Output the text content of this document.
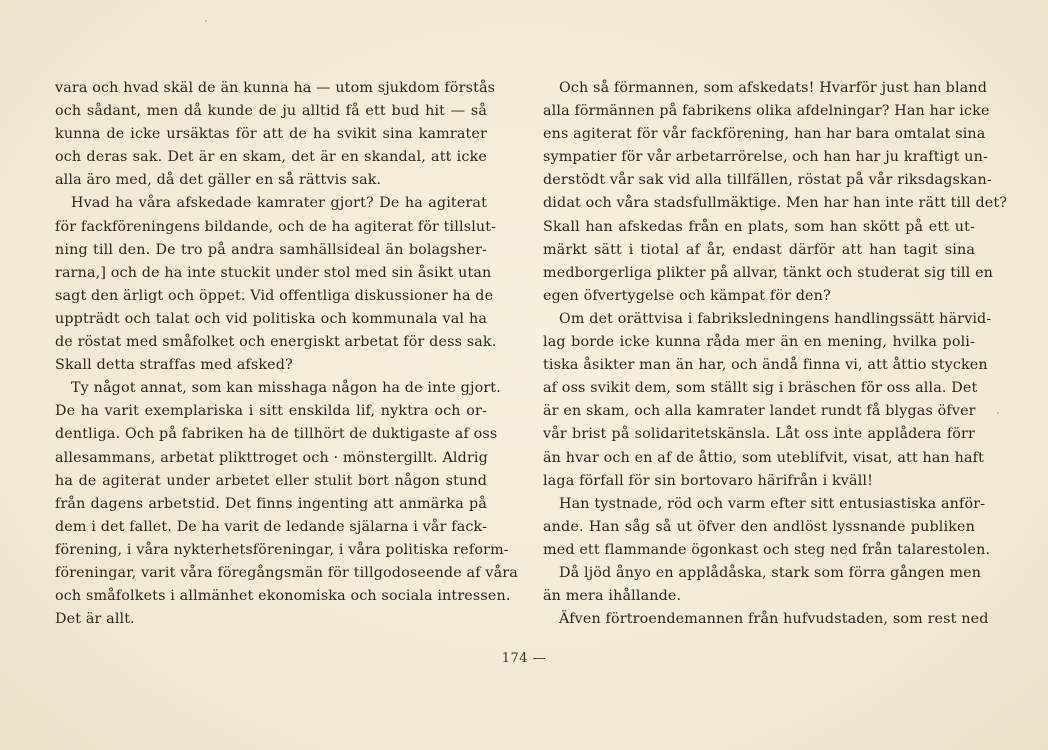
vara och hvad skäl de än kunna ha — utom sjukdom förstås
och sådant, men då kunde de ju alltid få ett bud hit — så
kunna de icke ursäktas för att de ha svikit sina kamrater
och deras sak. Det är en skam, det är en skandal, att icke
alla äro med, då det gäller en så rättvis sak.
Hvad ha våra afskedade kamrater gjort? De ha agiterat
för fackföreningens bildande, och de ha agiterat för tillslut-
ning till den. De tro på andra samhällsideal än bolagsher-
rarna,] och de ha inte stuckit under stol med sin åsikt utan
sagt den ärligt och öppet. Vid offentliga diskussioner ha de
uppträdt och talat och vid politiska och kommunala val ha
de röstat med småfolket och energiskt arbetat för dess sak.
Skall detta straffas med afsked?
Ty något annat, som kan misshaga någon ha de inte gjort.
De ha varit exemplariska i sitt enskilda lif, nyktra och or-
dentliga. Och på fabriken ha de tillhört de duktigaste af oss
allesammans, arbetat plikttroget och · mönstergillt. Aldrig
ha de agiterat under arbetet eller stulit bort någon stund
från dagens arbetstid. Det finns ingenting att anmärka på
dem i det fallet. De ha varit de ledande själarna i vår fack-
förening, i våra nykterhetsföreningar, i våra politiska reform-
föreningar, varit våra föregångsmän för tillgodoseende af våra
och småfolkets i allmänhet ekonomiska och sociala intressen.
Det är allt.
Och så förmannen, som afskedats! Hvarför just han bland
alla förmännen på fabrikens olika afdelningar? Han har icke
ens agiterat för vår fackförening, han har bara omtalat sina
sympatier för vår arbetarrörelse, och han har ju kraftigt un-
derstödt vår sak vid alla tillfällen, röstat på vår riksdagskan-
didat och våra stadsfullmäktige. Men har han inte rätt till det?
Skall han afskedas från en plats, som han skött på ett ut-
märkt sätt i tiotal af år, endast därför att han tagit sina
medborgerliga plikter på allvar, tänkt och studerat sig till en
egen öfvertygelse och kämpat för den?
Om det orättvisa i fabriksledningens handlingssätt härvid-
lag borde icke kunna råda mer än en mening, hvilka poli-
tiska åsikter man än har, och ändå finna vi, att åttio stycken
af oss svikit dem, som ställt sig i bräschen för oss alla. Det
är en skam, och alla kamrater landet rundt få blygas öfver
vår brist på solidaritetskänsla. Låt oss inte applådera förr
än hvar och en af de åttio, som uteblifvit, visat, att han haft
laga förfall för sin bortovaro härifrån i kväll!
Han tystnade, röd och varm efter sitt entusiastiska anför-
ande. Han såg så ut öfver den andlöst lyssnande publiken
med ett flammande ögonkast och steg ned från talarestolen.
Då ljöd ånyo en applådåska, stark som förra gången men
än mera ihållande.
Äfven förtroendemannen från hufvudstaden, som rest ned
174 —
